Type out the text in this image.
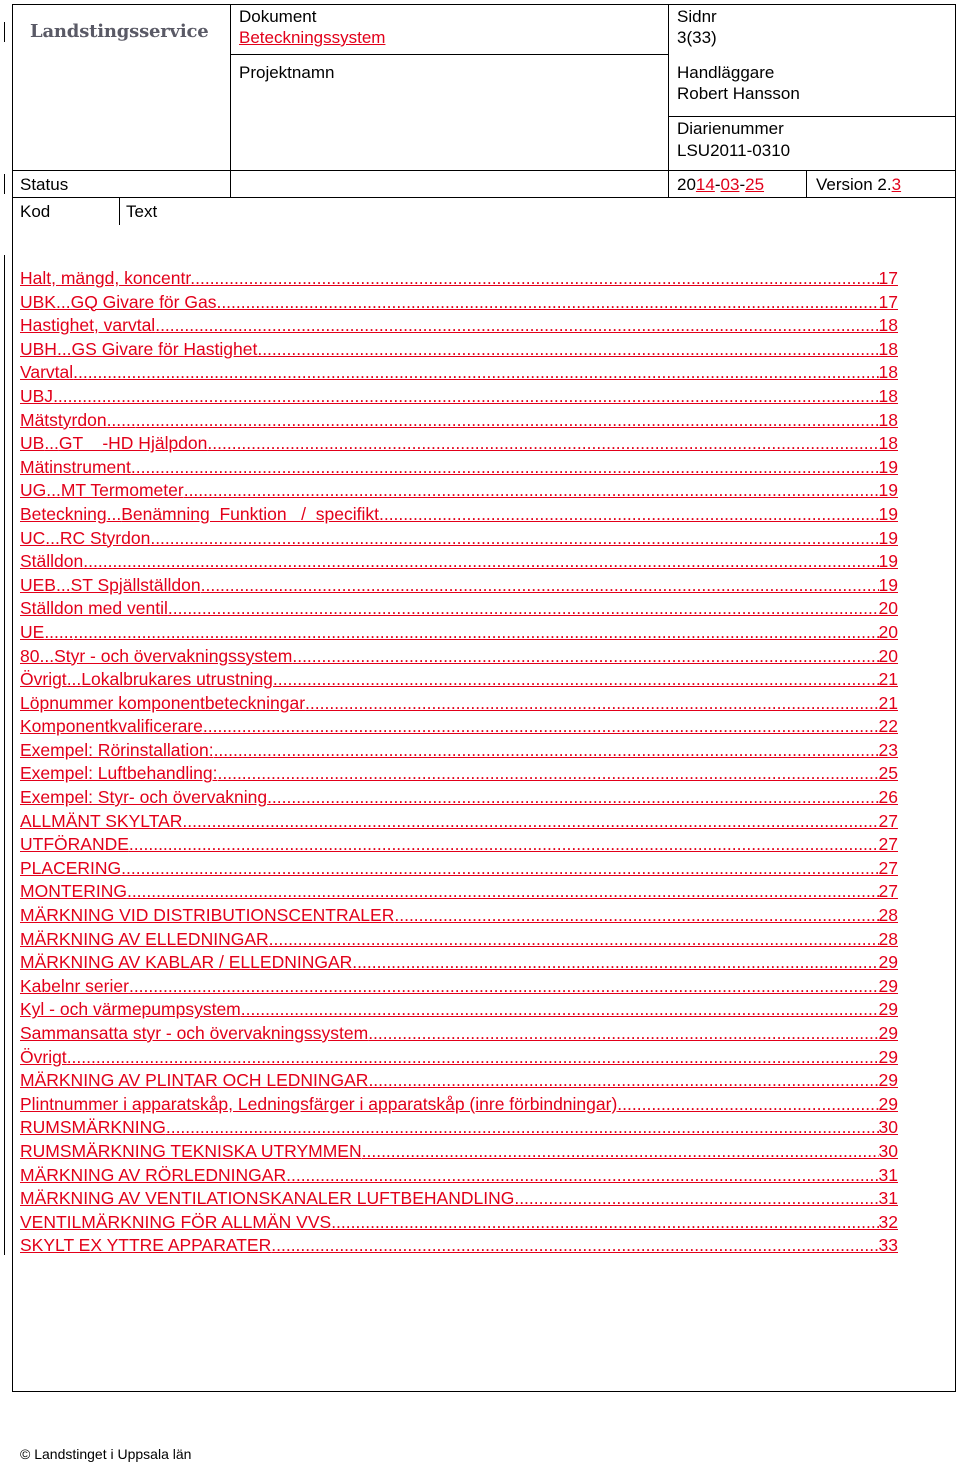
Landstingsservice
Dokument
Beteckningssystem
Projektnamn
Sidnr
3(33)
Handläggare
Robert Hansson
Diarienummer
LSU2011-0310
Status	2014-03-25	Version 2.3
Kod	Text
Halt, mängd, koncentr. .....	17
UBK ... GQ Givare för Gas .....	17
Hastighet, varvtal .....	18
UBH ... GS Givare för Hastighet .....	18
Varvtal ... ... .....	18
UBJ ... ... .....	18
Mätstyrdon ... ... .....	18
UB ... GT    -HD Hjälpdon .....	18
Mätinstrument .....	19
UG ... MT Termometer .....	19
Beteckning ... Benämning  Funktion   /  specifikt .....	19
UC ... RC Styrdon .....	19
Ställdon ... ... .....	19
UEB ... ST Spjällställdon .....	19
Ställdon med ventil .....	20
UE ... ... .....	20
80 ... Styr - och övervakningssystem .....	20
Övrigt ... Lokalbrukares utrustning .....	21
Löpnummer komponentbeteckningar .....	21
Komponentkvalificerare .....	22
Exempel: Rörinstallation: .....	23
Exempel: Luftbehandling: .....	25
Exempel: Styr- och övervakning .....	26
ALLMÄNT SKYLTAR .....	27
UTFÖRANDE .....	27
PLACERING .....	27
MONTERING .....	27
MÄRKNING VID DISTRIBUTIONSCENTRALER .....	28
MÄRKNING AV ELLEDNINGAR .....	28
MÄRKNING AV KABLAR / ELLEDNINGAR .....	29
Kabelnr serier .....	29
Kyl - och värmepumpsystem .....	29
Sammansatta styr - och övervakningssystem .....	29
Övrigt ... ... .....	29
MÄRKNING AV PLINTAR OCH LEDNINGAR .....	29
Plintnummer i apparatskåp, Ledningsfärger i apparatskåp (inre förbindningar) .....	29
RUMSMÄRKNING .....	30
RUMSMÄRKNING TEKNISKA UTRYMMEN .....	30
MÄRKNING AV RÖRLEDNINGAR .....	31
MÄRKNING AV VENTILATIONSKANALER LUFTBEHANDLING .....	31
VENTILMÄRKNING FÖR ALLMÄN VVS .....	32
SKYLT EX YTTRE APPARATER .....	33
© Landstinget i Uppsala län
